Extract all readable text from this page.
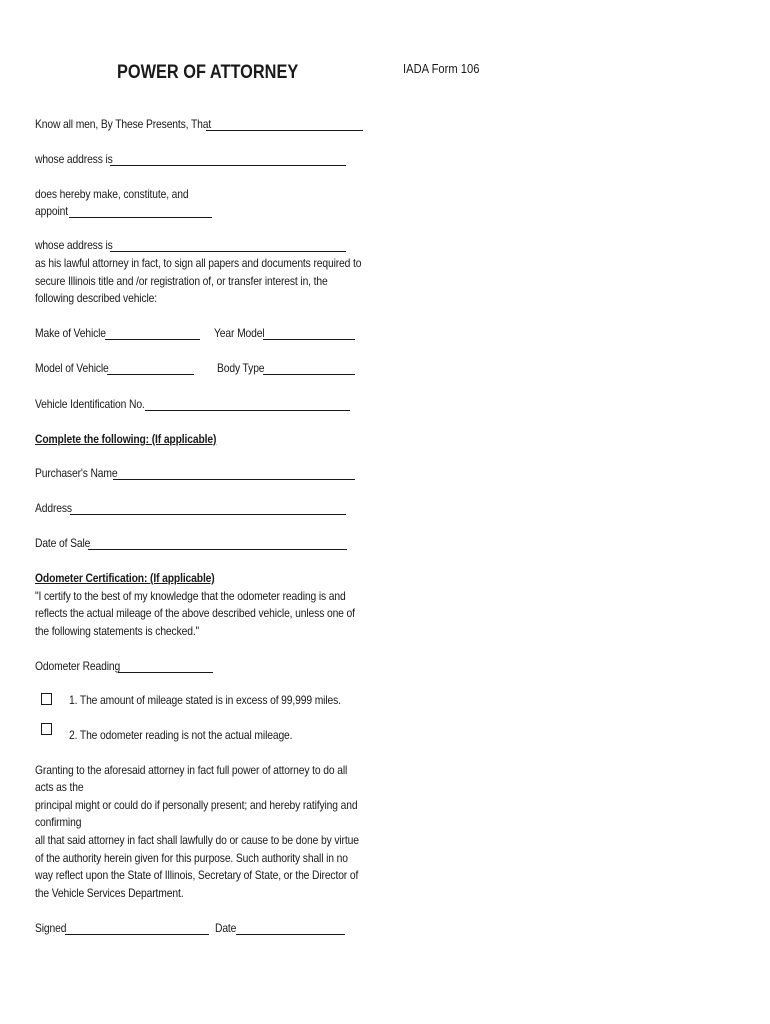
POWER OF ATTORNEY	IADA Form 106
Know all men, By These Presents, That
whose address is
does hereby make, constitute, and
appoint
whose address is
as his lawful attorney in fact, to sign all papers and documents required to
secure Illinois title and /or registration of, or transfer interest in, the
following described vehicle:
Make of Vehicle	Year Model
Model of Vehicle	Body Type
Vehicle Identification No.
Complete the following: (If applicable)
Purchaser's Name
Address
Date of Sale
Odometer Certification: (If applicable)
"I certify to the best of my knowledge that the odometer reading is and
reflects the actual mileage of the above described vehicle, unless one of
the following statements is checked."
Odometer Reading
1. The amount of mileage stated is in excess of 99,999 miles.
2. The odometer reading is not the actual mileage.
Granting to the aforesaid attorney in fact full power of attorney to do all
acts as the
principal might or could do if personally present; and hereby ratifying and
confirming
all that said attorney in fact shall lawfully do or cause to be done by virtue
of the authority herein given for this purpose. Such authority shall in no
way reflect upon the State of Illinois, Secretary of State, or the Director of
the Vehicle Services Department.
Signed	Date
